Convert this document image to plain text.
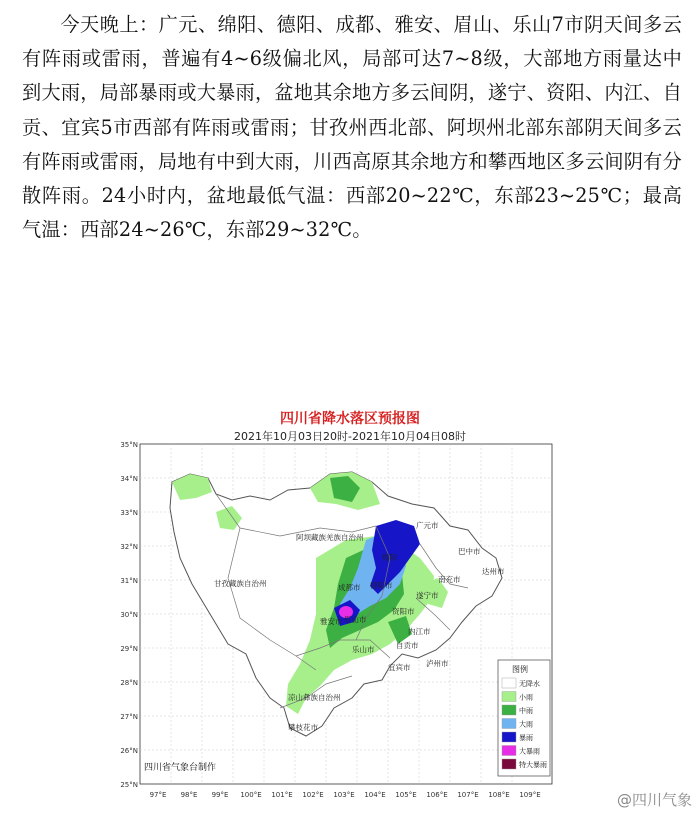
今天晚上：广元、绵阳、德阳、成都、雅安、眉山、乐山7市阴天间多云有阵雨或雷雨，普遍有4~6级偏北风，局部可达7~8级，大部地方雨量达中到大雨，局部暴雨或大暴雨，盆地其余地方多云间阴，遂宁、资阳、内江、自贡、宜宾5市西部有阵雨或雷雨；甘孜州西北部、阿坝州北部东部阴天间多云有阵雨或雷雨，局地有中到大雨，川西高原其余地方和攀西地区多云间阴有分散阵雨。24小时内，盆地最低气温：西部20~22℃，东部23~25℃；最高气温：西部24~26℃，东部29~32℃。

四川省降水落区预报图
2021年10月03日20时-2021年10月04日08时
阿坝藏族羌族自治州
甘孜藏族自治州
凉山彝族自治州
攀枝花市
成都市
雅安市 眉山市
乐山市
广元市
巴中市
南充市
达州市
遂宁市
资阳市
内江市
自贡市
宜宾市 泸州市
绵阳
德阳市
35°N
34°N
33°N
32°N
31°N
30°N
29°N
28°N
27°N
26°N
25°N
97°E 98°E 99°E 100°E 101°E 102°E 103°E 104°E 105°E 106°E 107°E 108°E 109°E
四川省气象台制作
图例
无降水
小雨
中雨
大雨
暴雨
大暴雨
特大暴雨
@四川气象
